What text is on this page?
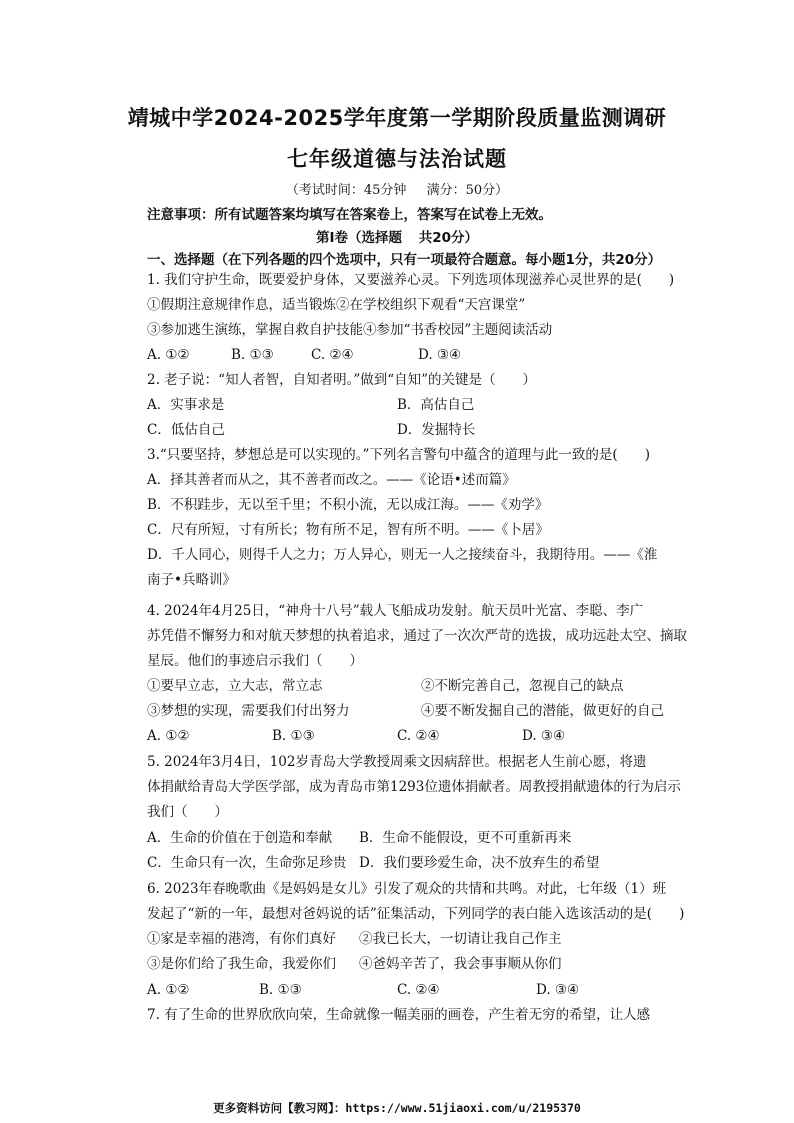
靖城中学2024-2025学年度第一学期阶段质量监测调研
七年级道德与法治试题
（考试时间：45分钟 满分：50分）
注意事项：所有试题答案均填写在答案卷上，答案写在试卷上无效。
第Ⅰ卷（选择题 共20分）
一、选择题（在下列各题的四个选项中，只有一项最符合题意。每小题1分，共20分）
1. 我们守护生命，既要爱护身体，又要滋养心灵。下列选项体现滋养心灵世界的是(　　)
①假期注意规律作息，适当锻炼②在学校组织下观看“天宫课堂”
③参加逃生演练，掌握自救自护技能④参加“书香校园”主题阅读活动
A. ①②	B. ①③	C. ②④	D. ③④
2. 老子说：“知人者智，自知者明。”做到“自知”的关键是（　　）
A．实事求是	B．高估自己
C．低估自己	D．发掘特长
3.“只要坚持，梦想总是可以实现的。”下列名言警句中蕴含的道理与此一致的是(　　)
A．择其善者而从之，其不善者而改之。——《论语•述而篇》
B．不积跬步，无以至千里；不积小流，无以成江海。——《劝学》
C．尺有所短，寸有所长；物有所不足，智有所不明。——《卜居》
D．千人同心，则得千人之力；万人异心，则无一人之接续奋斗，我期待用。——《淮
南子•兵略训》
4. 2024年4月25日，“神舟十八号”载人飞船成功发射。航天员叶光富、李聪、李广
苏凭借不懈努力和对航天梦想的执着追求，通过了一次次严苛的选拔，成功远赴太空、摘取
星辰。他们的事迹启示我们（　　）
①要早立志，立大志，常立志	②不断完善自己，忽视自己的缺点
③梦想的实现，需要我们付出努力	④要不断发掘自己的潜能，做更好的自己
A. ①②	B. ①③	C. ②④	D. ③④
5. 2024年3月4日，102岁青岛大学教授周乘文因病辞世。根据老人生前心愿，将遗
体捐献给青岛大学医学部，成为青岛市第1293位遗体捐献者。周教授捐献遗体的行为启示
我们（　　）
A．生命的价值在于创造和奉献 B．生命不能假设，更不可重新再来
C．生命只有一次，生命弥足珍贵 D．我们要珍爱生命，决不放弃生的希望
6. 2023年春晚歌曲《是妈妈是女儿》引发了观众的共情和共鸣。对此，七年级（1）班
发起了“新的一年，最想对爸妈说的话”征集活动，下列同学的表白能入选该活动的是(　　)
①家是幸福的港湾，有你们真好 ②我已长大，一切请让我自己作主
③是你们给了我生命，我爱你们 ④爸妈辛苦了，我会事事顺从你们
A. ①②	B. ①③	C. ②④	D. ③④
7. 有了生命的世界欣欣向荣，生命就像一幅美丽的画卷，产生着无穷的希望，让人感
更多资料访问【教习网】：https://www.51jiaoxi.com/u/2195370
